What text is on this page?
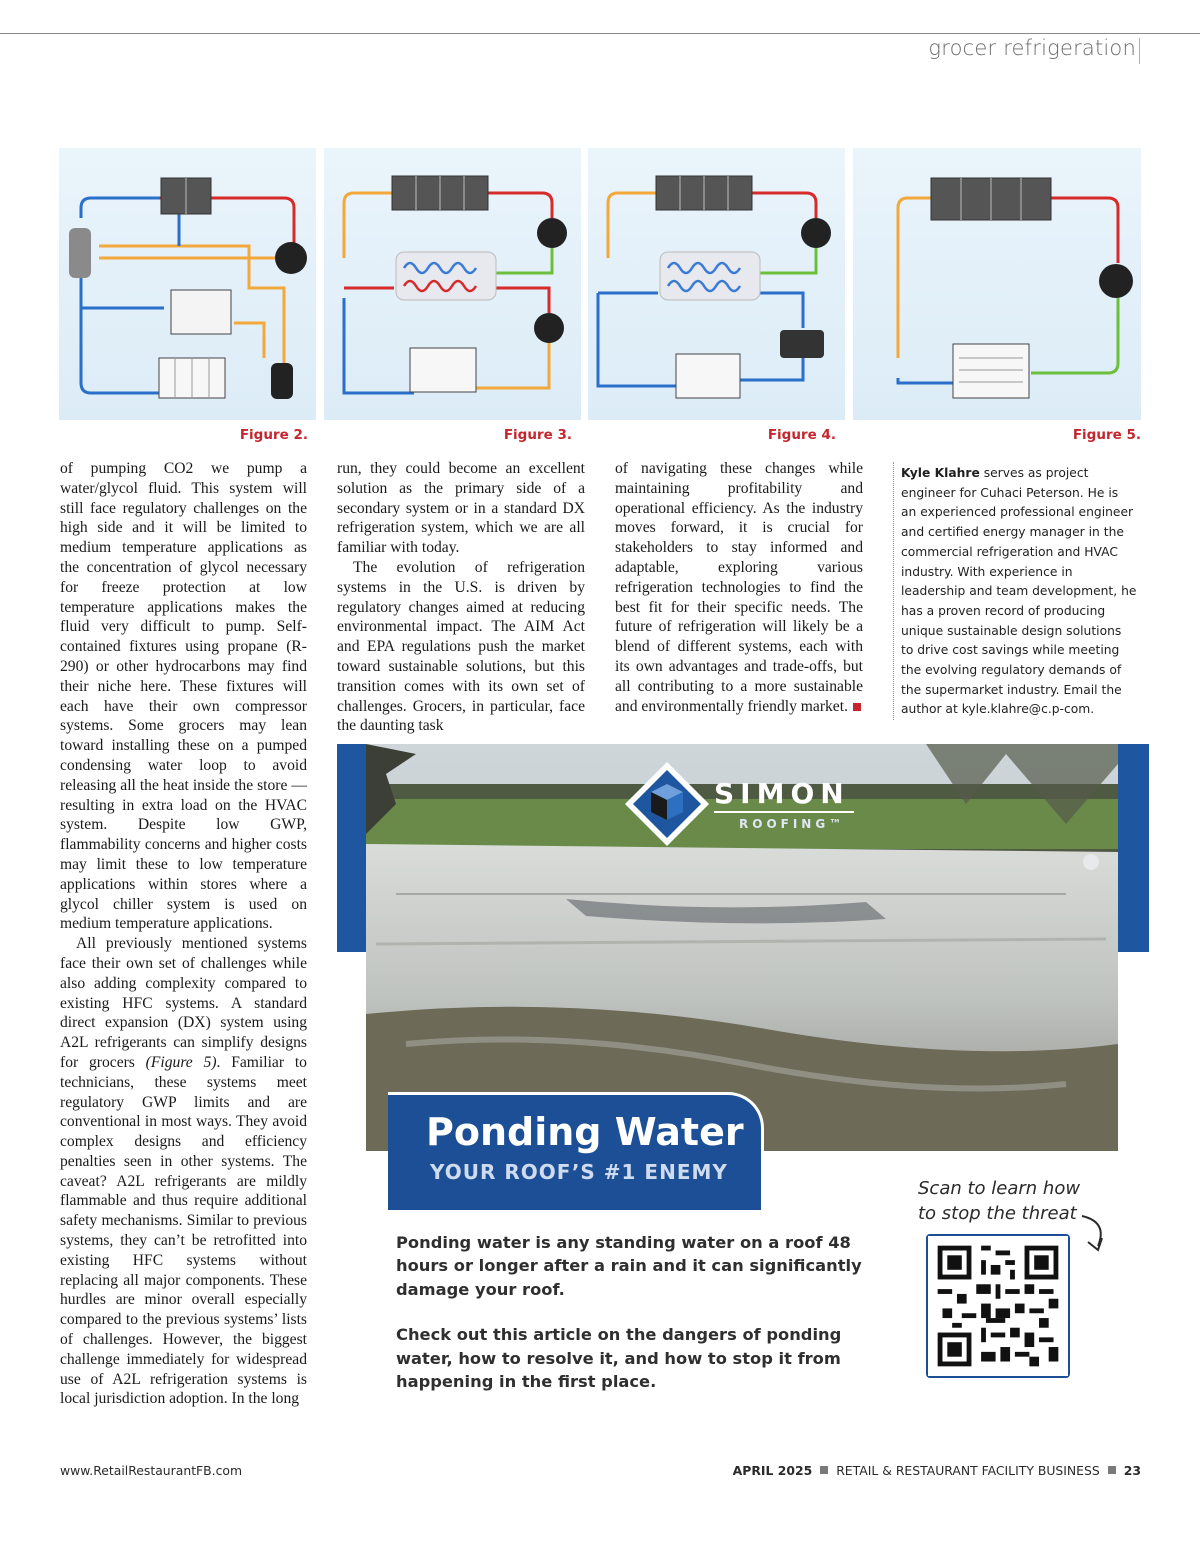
grocer refrigeration
Figure 2.	Figure 3.	Figure 4.	Figure 5.

of pumping CO2 we pump a water/glycol fluid. This system will still face regulatory challenges on the high side and it will be limited to medium temperature applications as the concentration of glycol necessary for freeze protection at low temperature applications makes the fluid very difficult to pump. Self-contained fixtures using propane (R-290) or other hydrocarbons may find their niche here. These fixtures will each have their own compressor systems. Some grocers may lean toward installing these on a pumped condensing water loop to avoid releasing all the heat inside the store — resulting in extra load on the HVAC system. Despite low GWP, flammability concerns and higher costs may limit these to low temperature applications within stores where a glycol chiller system is used on medium temperature applications.

All previously mentioned systems face their own set of challenges while also adding complexity compared to existing HFC systems. A standard direct expansion (DX) system using A2L refrigerants can simplify designs for grocers (Figure 5). Familiar to technicians, these systems meet regulatory GWP limits and are conventional in most ways. They avoid complex designs and efficiency penalties seen in other systems. The caveat? A2L refrigerants are mildly flammable and thus require additional safety mechanisms. Similar to previous systems, they can’t be retrofitted into existing HFC systems without replacing all major components. These hurdles are minor overall especially compared to the previous systems’ lists of challenges. However, the biggest challenge immediately for widespread use of A2L refrigeration systems is local jurisdiction adoption. In the long

run, they could become an excellent solution as the primary side of a secondary system or in a standard DX refrigeration system, which we are all familiar with today.

The evolution of refrigeration systems in the U.S. is driven by regulatory changes aimed at reducing environmental impact. The AIM Act and EPA regulations push the market toward sustainable solutions, but this transition comes with its own set of challenges. Grocers, in particular, face the daunting task

of navigating these changes while maintaining profitability and operational efficiency. As the industry moves forward, it is crucial for stakeholders to stay informed and adaptable, exploring various refrigeration technologies to find the best fit for their specific needs. The future of refrigeration will likely be a blend of different systems, each with its own advantages and trade-offs, but all contributing to a more sustainable and environmentally friendly market.

Kyle Klahre serves as project engineer for Cuhaci Peterson. He is an experienced professional engineer and certified energy manager in the commercial refrigeration and HVAC industry. With experience in leadership and team development, he has a proven record of producing unique sustainable design solutions to drive cost savings while meeting the evolving regulatory demands of the supermarket industry. Email the author at kyle.klahre@c.p-com.
SIMON
ROOFING™
Ponding Water
YOUR ROOF’S #1 ENEMY

Ponding water is any standing water on a roof 48 hours or longer after a rain and it can significantly damage your roof.

Check out this article on the dangers of ponding water, how to resolve it, and how to stop it from happening in the first place.

Scan to learn how
to stop the threat
www.RetailRestaurantFB.com	APRIL 2025 RETAIL & RESTAURANT FACILITY BUSINESS 23
